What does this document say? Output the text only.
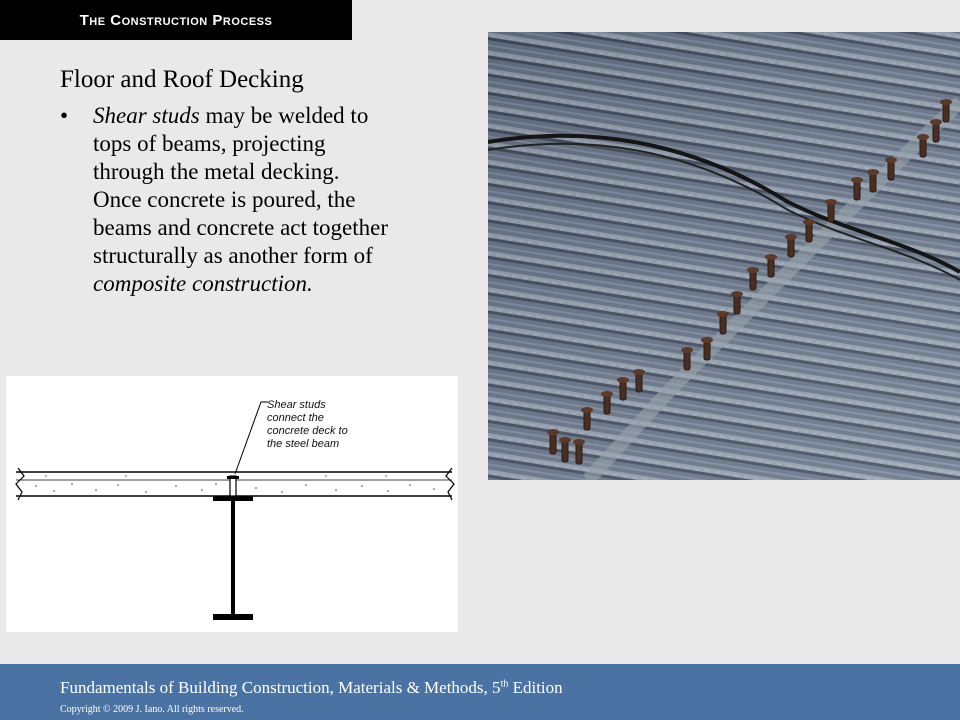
The Construction Process
Floor and Roof Decking
• Shear studs may be welded to tops of beams, projecting through the metal decking. Once concrete is poured, the beams and concrete act together structurally as another form of composite construction.
Shear studs
connect the
concrete deck to
the steel beam
Fundamentals of Building Construction, Materials & Methods, 5th Edition
Copyright © 2009 J. Iano. All rights reserved.
